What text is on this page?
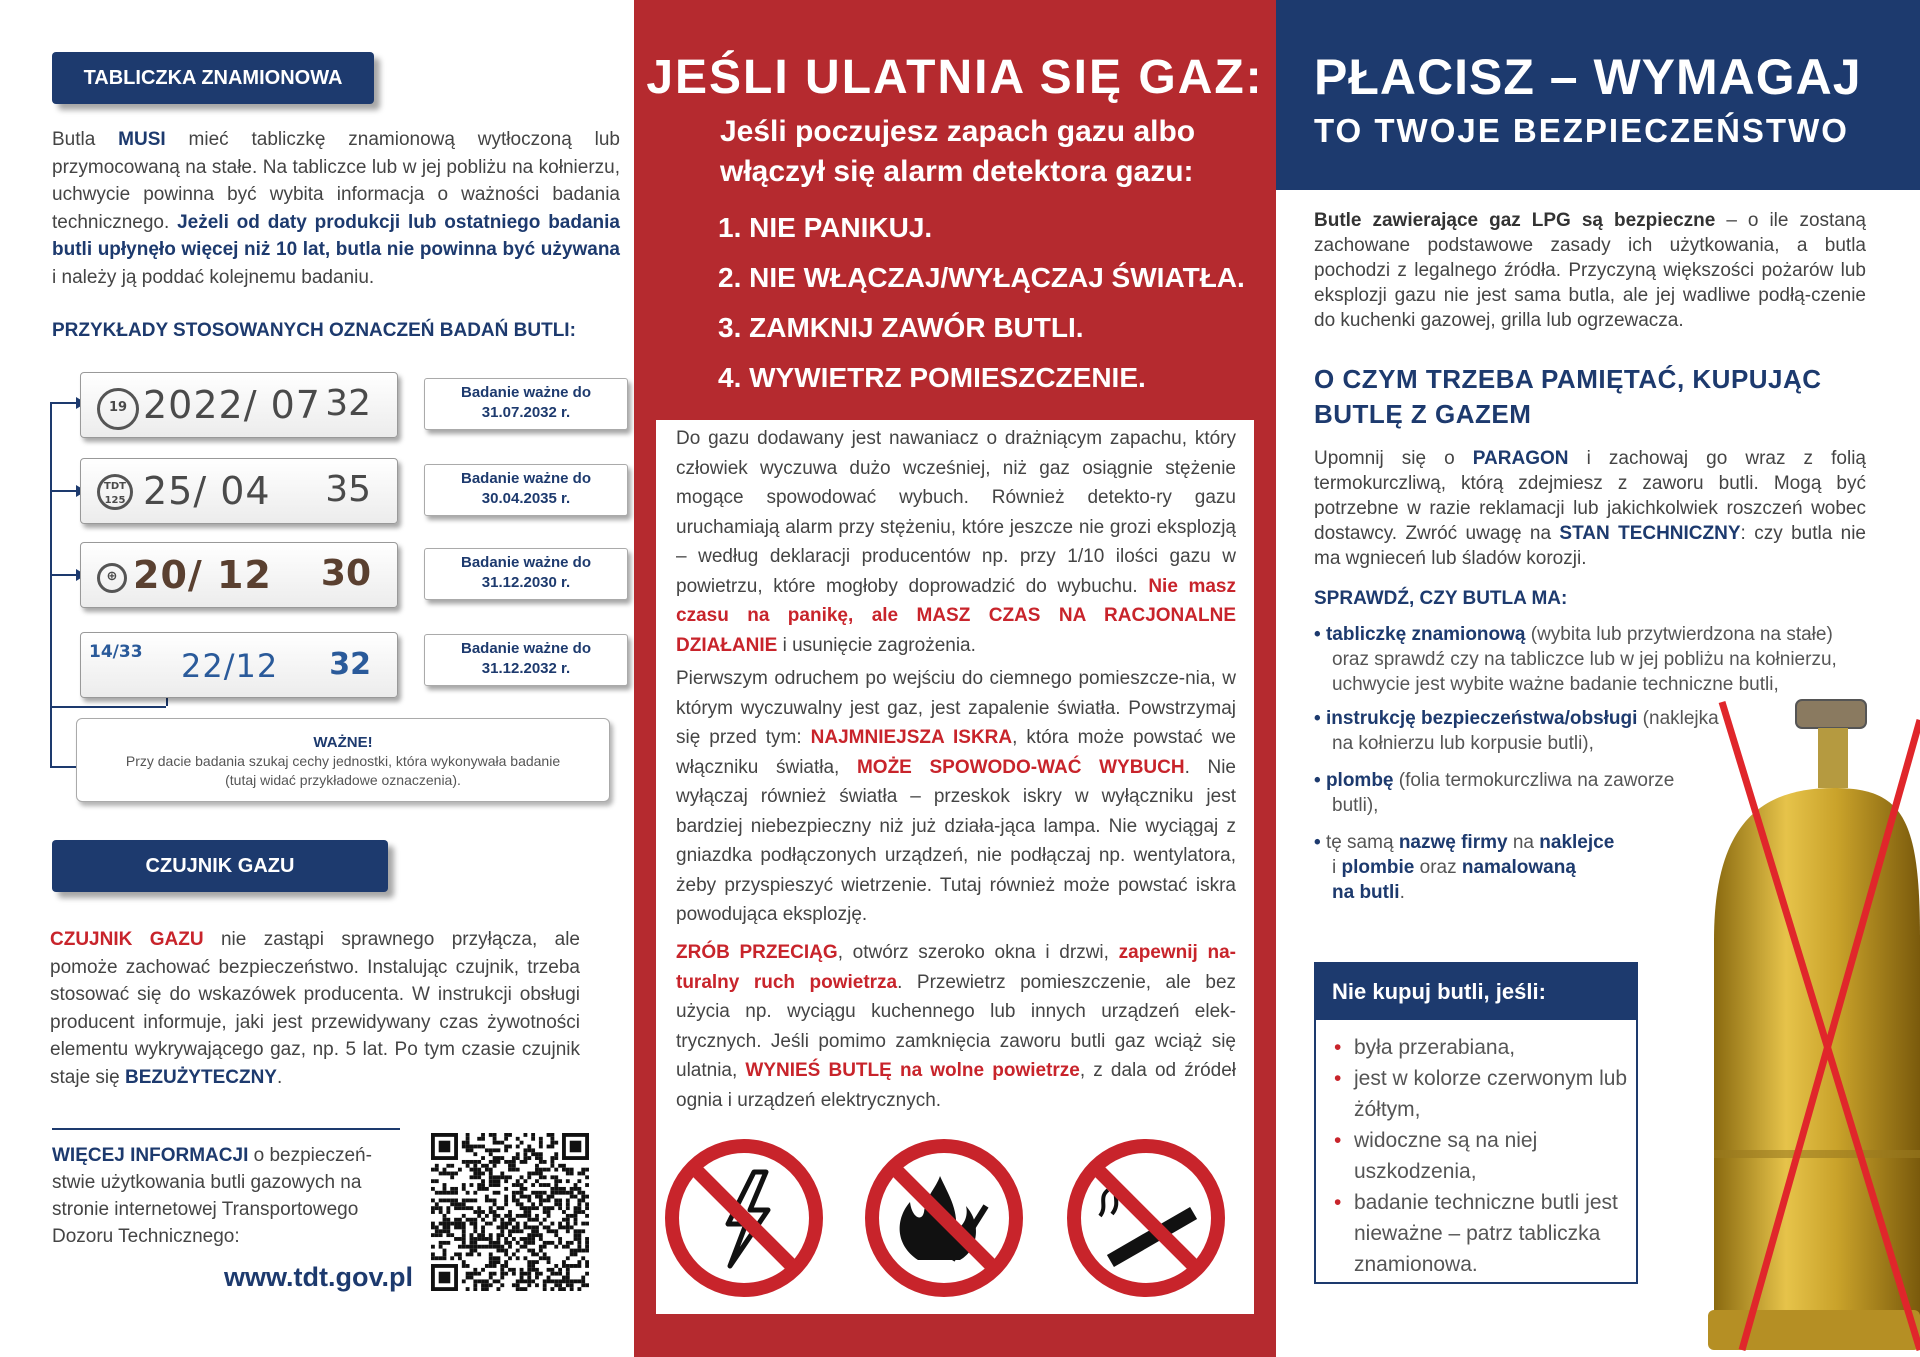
TABLICZKA ZNAMIONOWA
Butla MUSI mieć tabliczkę znamionową wytłoczoną lub przymocowaną na stałe. Na tabliczce lub w jej pobliżu na kołnierzu, uchwycie powinna być wybita informacja o ważności badania technicznego. Jeżeli od daty produkcji lub ostatniego badania butli upłynęło więcej niż 10 lat, butla nie powinna być używana i należy ją poddać kolejnemu badaniu.
PRZYKŁADY STOSOWANYCH OZNACZEŃ BADAŃ BUTLI:
19 2022/ 07 32	Badanie ważne do
31.07.2032 r.
TDT 125 25/ 04 35	Badanie ważne do
30.04.2035 r.
⊕ 20/ 12 30	Badanie ważne do
31.12.2030 r.
14/33 22/12 32	Badanie ważne do
31.12.2032 r.
WAŻNE!
Przy dacie badania szukaj cechy jednostki, która wykonywała badanie (tutaj widać przykładowe oznaczenia).
CZUJNIK GAZU
CZUJNIK GAZU nie zastąpi sprawnego przyłącza, ale pomoże zachować bezpieczeństwo. Instalując czujnik, trzeba stosować się do wskazówek producenta. W instrukcji obsługi producent informuje, jaki jest przewidywany czas żywotności elementu wykrywającego gaz, np. 5 lat. Po tym czasie czujnik staje się BEZUŻYTECZNY.
WIĘCEJ INFORMACJI o bezpieczeń-stwie użytkowania butli gazowych na stronie internetowej Transportowego Dozoru Technicznego:
www.tdt.gov.pl
JEŚLI ULATNIA SIĘ GAZ:
Jeśli poczujesz zapach gazu albo włączył się alarm detektora gazu:
1. NIE PANIKUJ.
2. NIE WŁĄCZAJ/WYŁĄCZAJ ŚWIATŁA.
3. ZAMKNIJ ZAWÓR BUTLI.
4. WYWIETRZ POMIESZCZENIE.
Do gazu dodawany jest nawaniacz o drażniącym zapachu, który człowiek wyczuwa dużo wcześniej, niż gaz osiągnie stężenie mogące spowodować wybuch. Również detekto-ry gazu uruchamiają alarm przy stężeniu, które jeszcze nie grozi eksplozją – według deklaracji producentów np. przy 1/10 ilości gazu w powietrzu, które mogłoby doprowadzić do wybuchu. Nie masz czasu na panikę, ale MASZ CZAS NA RACJONALNE DZIAŁANIE i usunięcie zagrożenia.
Pierwszym odruchem po wejściu do ciemnego pomieszcze-nia, w którym wyczuwalny jest gaz, jest zapalenie światła. Powstrzymaj się przed tym: NAJMNIEJSZA ISKRA, która może powstać we włączniku światła, MOŻE SPOWODO-WAĆ WYBUCH. Nie wyłączaj również światła – przeskok iskry w wyłączniku jest bardziej niebezpieczny niż już działa-jąca lampa. Nie wyciągaj z gniazdka podłączonych urządzeń, nie podłączaj np. wentylatora, żeby przyspieszyć wietrzenie. Tutaj również może powstać iskra powodująca eksplozję.
ZRÓB PRZECIĄG, otwórz szeroko okna i drzwi, zapewnij na-turalny ruch powietrza. Przewietrz pomieszczenie, ale bez użycia np. wyciągu kuchennego lub innych urządzeń elek-trycznych. Jeśli pomimo zamknięcia zaworu butli gaz wciąż się ulatnia, WYNIEŚ BUTLĘ na wolne powietrze, z dala od źródeł ognia i urządzeń elektrycznych.
PŁACISZ – WYMAGAJ
TO TWOJE BEZPIECZEŃSTWO
Butle zawierające gaz LPG są bezpieczne – o ile zostaną zachowane podstawowe zasady ich użytkowania, a butla pochodzi z legalnego źródła. Przyczyną większości pożarów lub eksplozji gazu nie jest sama butla, ale jej wadliwe podłą-czenie do kuchenki gazowej, grilla lub ogrzewacza.
O CZYM TRZEBA PAMIĘTAĆ, KUPUJĄC BUTLĘ Z GAZEM
Upomnij się o PARAGON i zachowaj go wraz z folią termokurczliwą, którą zdejmiesz z zaworu butli. Mogą być potrzebne w razie reklamacji lub jakichkolwiek roszczeń wobec dostawcy. Zwróć uwagę na STAN TECHNICZNY: czy butla nie ma wgnieceń lub śladów korozji.
SPRAWDŹ, CZY BUTLA MA:
• tabliczkę znamionową (wybita lub przytwierdzona na stałe)
oraz sprawdź czy na tabliczce lub w jej pobliżu na kołnierzu,
uchwycie jest wybite ważne badanie techniczne butli,
• instrukcję bezpieczeństwa/obsługi (naklejka
na kołnierzu lub korpusie butli),
• plombę (folia termokurczliwa na zaworze
butli),
• tę samą nazwę firmy na naklejce
i plombie oraz namalowaną
na butli.
Nie kupuj butli, jeśli:
• była przerabiana,
• jest w kolorze czerwonym lub żółtym,
• widoczne są na niej uszkodzenia,
• badanie techniczne butli jest nieważne – patrz tabliczka znamionowa.
